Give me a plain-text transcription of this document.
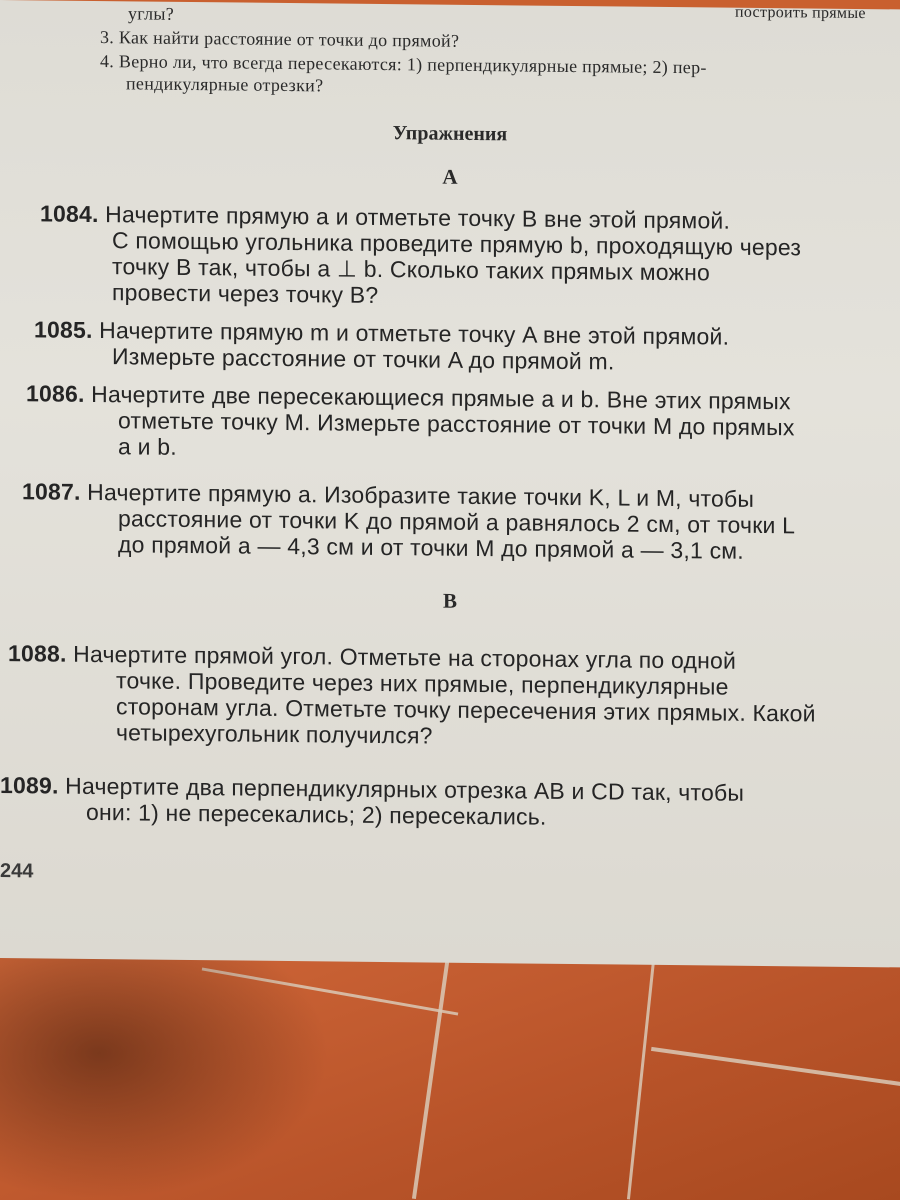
углы?	построить прямые
3. Как найти расстояние от точки до прямой?
4. Верно ли, что всегда пересекаются: 1) перпендикулярные прямые; 2) пер-
пендикулярные отрезки?
Упражнения
А
1084. Начертите прямую a и отметьте точку B вне этой прямой.
С помощью угольника проведите прямую b, проходящую через
точку B так, чтобы a ⊥ b. Сколько таких прямых можно
провести через точку B?
1085. Начертите прямую m и отметьте точку A вне этой прямой.
Измерьте расстояние от точки A до прямой m.
1086. Начертите две пересекающиеся прямые a и b. Вне этих прямых
отметьте точку M. Измерьте расстояние от точки M до прямых
a и b.
1087. Начертите прямую a. Изобразите такие точки K, L и M, чтобы
расстояние от точки K до прямой a равнялось 2 см, от точки L
до прямой a — 4,3 см и от точки M до прямой a — 3,1 см.
В
1088. Начертите прямой угол. Отметьте на сторонах угла по одной
точке. Проведите через них прямые, перпендикулярные
сторонам угла. Отметьте точку пересечения этих прямых. Какой
четырехугольник получился?
1089. Начертите два перпендикулярных отрезка AB и CD так, чтобы
они: 1) не пересекались; 2) пересекались.
244
